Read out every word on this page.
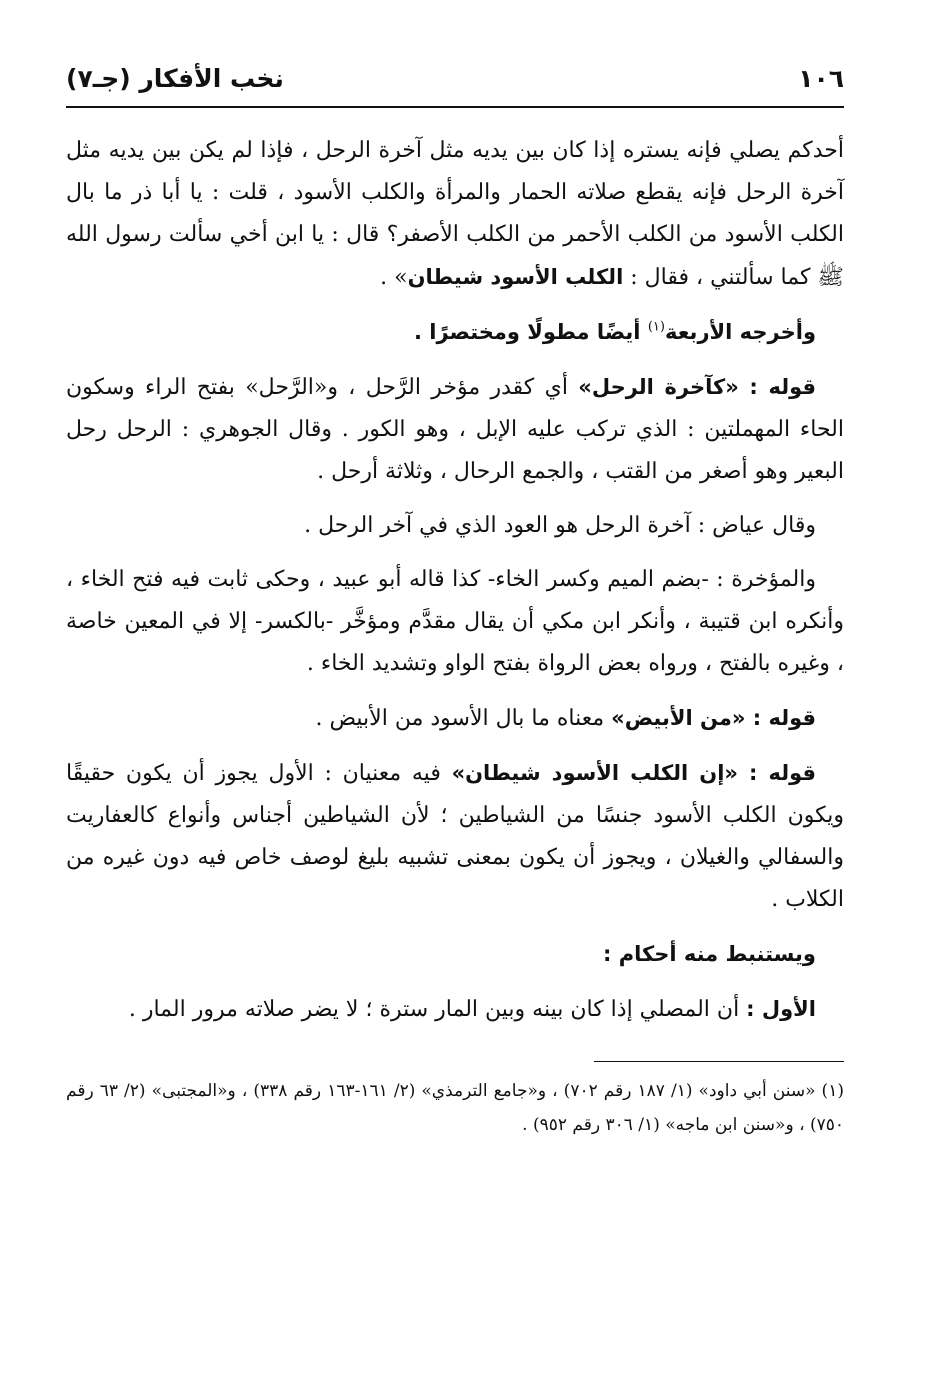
١٠٦
نخب الأفكار (جـ٧)

أحدكم يصلي فإنه يستره إذا كان بين يديه مثل آخرة الرحل ، فإذا لم يكن بين يديه مثل آخرة الرحل فإنه يقطع صلاته الحمار والمرأة والكلب الأسود ، قلت : يا أبا ذر ما بال الكلب الأسود من الكلب الأحمر من الكلب الأصفر؟ قال : يا ابن أخي سألت رسول الله ﷺ كما سألتني ، فقال : الكلب الأسود شيطان» .

وأخرجه الأربعة$^{(١)}$ أيضًا مطولًا ومختصرًا .

قوله : «كآخرة الرحل» أي كقدر مؤخر الرَّحل ، و«الرَّحل» بفتح الراء وسكون الحاء المهملتين : الذي تركب عليه الإبل ، وهو الكور . وقال الجوهري : الرحل رحل البعير وهو أصغر من القتب ، والجمع الرحال ، وثلاثة أرحل .

وقال عياض : آخرة الرحل هو العود الذي في آخر الرحل .

والمؤخرة : -بضم الميم وكسر الخاء- كذا قاله أبو عبيد ، وحكى ثابت فيه فتح الخاء ، وأنكره ابن قتيبة ، وأنكر ابن مكي أن يقال مقدَّم ومؤخَّر -بالكسر- إلا في المعين خاصة ، وغيره بالفتح ، ورواه بعض الرواة بفتح الواو وتشديد الخاء .

قوله : «من الأبيض» معناه ما بال الأسود من الأبيض .

قوله : «إن الكلب الأسود شيطان» فيه معنيان : الأول يجوز أن يكون حقيقًا ويكون الكلب الأسود جنسًا من الشياطين ؛ لأن الشياطين أجناس وأنواع كالعفاريت والسفالي والغيلان ، ويجوز أن يكون بمعنى تشبيه بليغ لوصف خاص فيه دون غيره من الكلاب .

ويستنبط منه أحكام :

الأول : أن المصلي إذا كان بينه وبين المار سترة ؛ لا يضر صلاته مرور المار .

(١) «سنن أبي داود» (١/ ١٨٧ رقم ٧٠٢) ، و«جامع الترمذي» (٢/ ١٦١-١٦٣ رقم ٣٣٨) ، و«المجتبى» (٢/ ٦٣ رقم ٧٥٠) ، و«سنن ابن ماجه» (١/ ٣٠٦ رقم ٩٥٢) .
